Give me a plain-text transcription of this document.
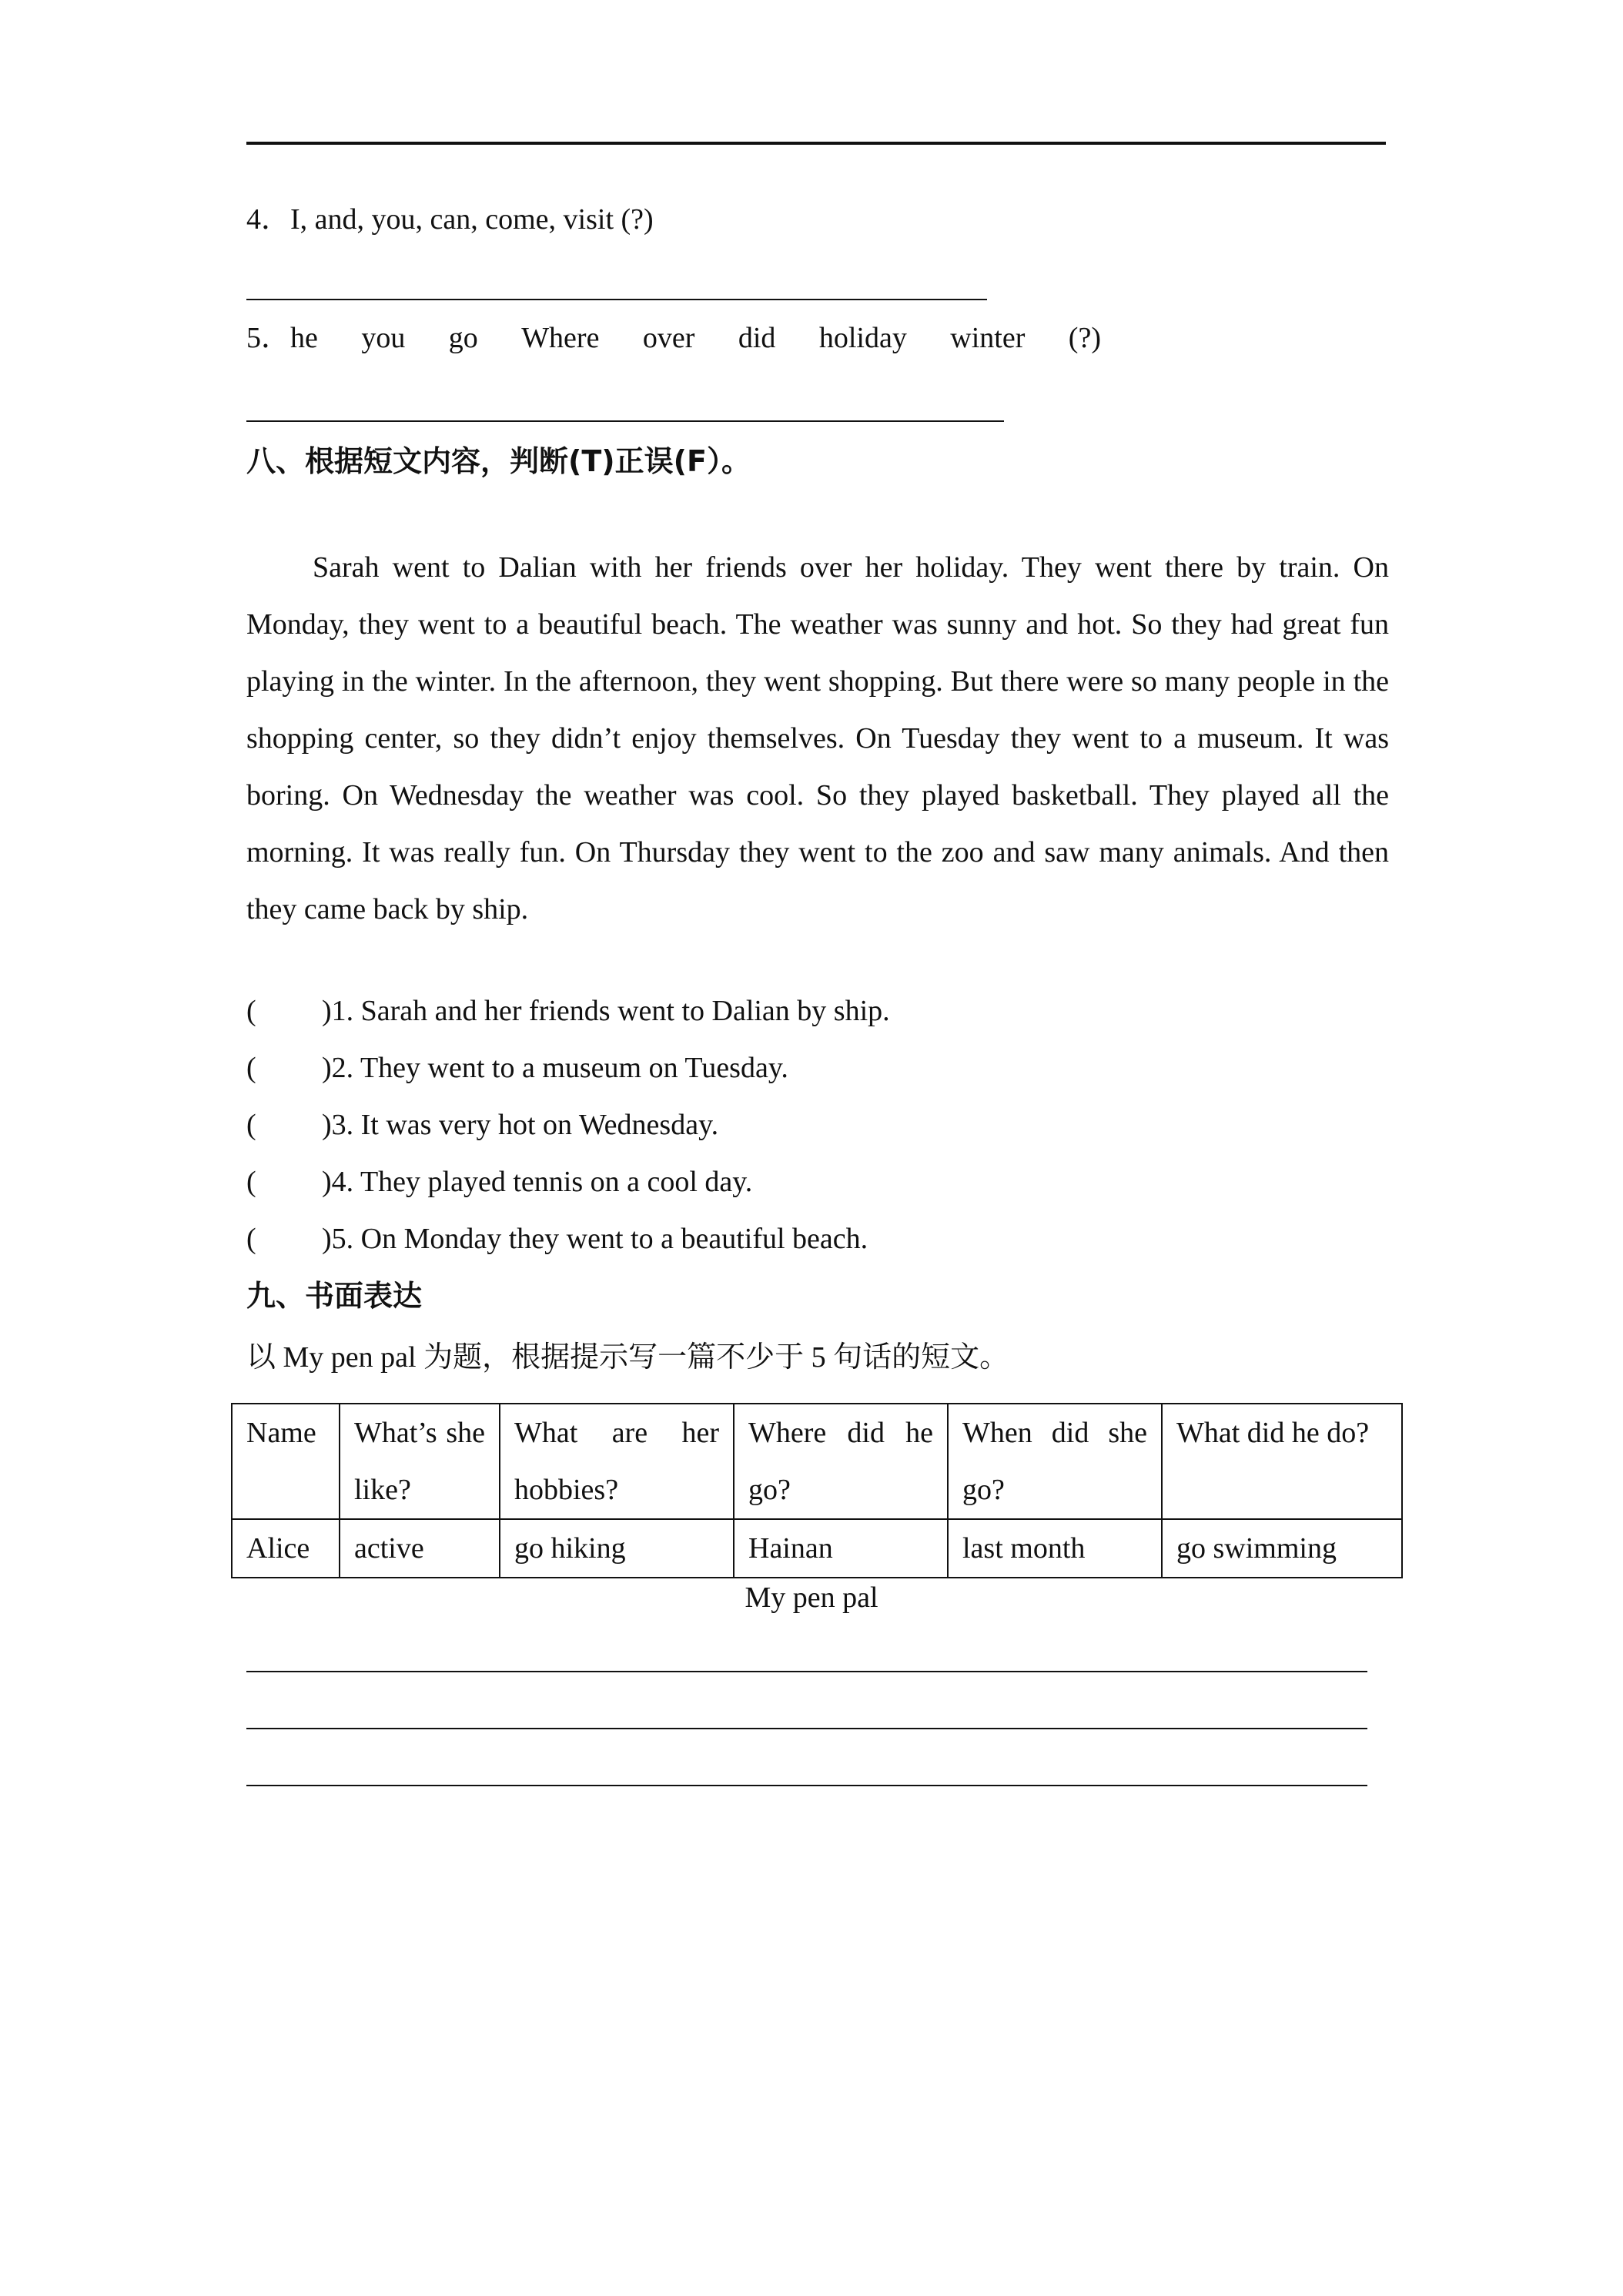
4．I, and, you, can, come, visit (?)
5．he you go Where over did holiday winter (?)
八、根据短文内容，判断(T)正误(F）。
Sarah went to Dalian with her friends over her holiday. They went there by train. On Monday, they went to a beautiful beach. The weather was sunny and hot. So they had great fun playing in the winter. In the afternoon, they went shopping. But there were so many people in the shopping center, so they didn’t enjoy themselves. On Tuesday they went to a museum. It was boring. On Wednesday the weather was cool. So they played basketball. They played all the morning. It was really fun. On Thursday they went to the zoo and saw many animals. And then they came back by ship.
( )1. Sarah and her friends went to Dalian by ship.
( )2. They went to a museum on Tuesday.
( )3. It was very hot on Wednesday.
( )4. They played tennis on a cool day.
( )5. On Monday they went to a beautiful beach.
九、书面表达
以 My pen pal 为题，根据提示写一篇不少于 5 句话的短文。
Name	What’s she like?	What are her hobbies?	Where did he go?	When did she go?	What did he do?
Alice	active	go hiking	Hainan	last month	go swimming
My pen pal
